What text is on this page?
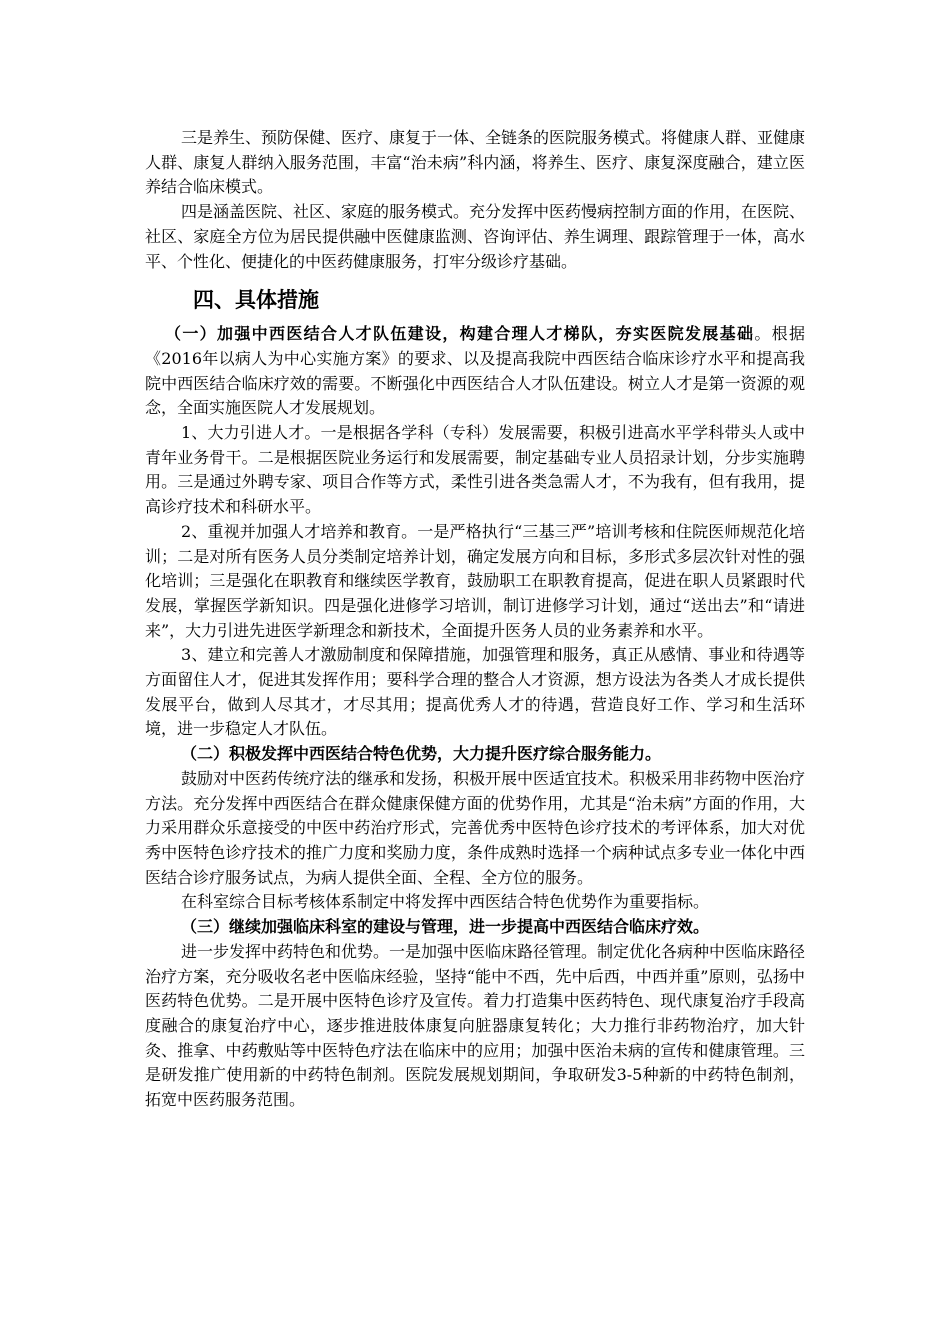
三是养生、预防保健、医疗、康复于一体、全链条的医院服务模式。将健康人群、亚健康人群、康复人群纳入服务范围，丰富“治未病”科内涵，将养生、医疗、康复深度融合，建立医养结合临床模式。

四是涵盖医院、社区、家庭的服务模式。充分发挥中医药慢病控制方面的作用，在医院、社区、家庭全方位为居民提供融中医健康监测、咨询评估、养生调理、跟踪管理于一体，高水平、个性化、便捷化的中医药健康服务，打牢分级诊疗基础。

四、具体措施

（一）加强中西医结合人才队伍建设，构建合理人才梯队，夯实医院发展基础。根据《2016年以病人为中心实施方案》的要求、以及提高我院中西医结合临床诊疗水平和提高我院中西医结合临床疗效的需要。不断强化中西医结合人才队伍建设。树立人才是第一资源的观念，全面实施医院人才发展规划。

1、大力引进人才。一是根据各学科（专科）发展需要，积极引进高水平学科带头人或中青年业务骨干。二是根据医院业务运行和发展需要，制定基础专业人员招录计划，分步实施聘用。三是通过外聘专家、项目合作等方式，柔性引进各类急需人才，不为我有，但有我用，提高诊疗技术和科研水平。

2、重视并加强人才培养和教育。一是严格执行“三基三严”培训考核和住院医师规范化培训；二是对所有医务人员分类制定培养计划，确定发展方向和目标，多形式多层次针对性的强化培训；三是强化在职教育和继续医学教育，鼓励职工在职教育提高，促进在职人员紧跟时代发展，掌握医学新知识。四是强化进修学习培训，制订进修学习计划，通过“送出去”和“请进来”，大力引进先进医学新理念和新技术，全面提升医务人员的业务素养和水平。

3、建立和完善人才激励制度和保障措施，加强管理和服务，真正从感情、事业和待遇等方面留住人才，促进其发挥作用；要科学合理的整合人才资源，想方设法为各类人才成长提供发展平台，做到人尽其才，才尽其用；提高优秀人才的待遇，营造良好工作、学习和生活环境，进一步稳定人才队伍。

（二）积极发挥中西医结合特色优势，大力提升医疗综合服务能力。

鼓励对中医药传统疗法的继承和发扬，积极开展中医适宜技术。积极采用非药物中医治疗方法。充分发挥中西医结合在群众健康保健方面的优势作用，尤其是“治未病”方面的作用，大力采用群众乐意接受的中医中药治疗形式，完善优秀中医特色诊疗技术的考评体系，加大对优秀中医特色诊疗技术的推广力度和奖励力度，条件成熟时选择一个病种试点多专业一体化中西医结合诊疗服务试点，为病人提供全面、全程、全方位的服务。

在科室综合目标考核体系制定中将发挥中西医结合特色优势作为重要指标。

（三）继续加强临床科室的建设与管理，进一步提高中西医结合临床疗效。

进一步发挥中药特色和优势。一是加强中医临床路径管理。制定优化各病种中医临床路径治疗方案，充分吸收名老中医临床经验，坚持“能中不西，先中后西，中西并重”原则，弘扬中医药特色优势。二是开展中医特色诊疗及宣传。着力打造集中医药特色、现代康复治疗手段高度融合的康复治疗中心，逐步推进肢体康复向脏器康复转化；大力推行非药物治疗，加大针灸、推拿、中药敷贴等中医特色疗法在临床中的应用；加强中医治未病的宣传和健康管理。三是研发推广使用新的中药特色制剂。医院发展规划期间，争取研发3-5种新的中药特色制剂，拓宽中医药服务范围。
